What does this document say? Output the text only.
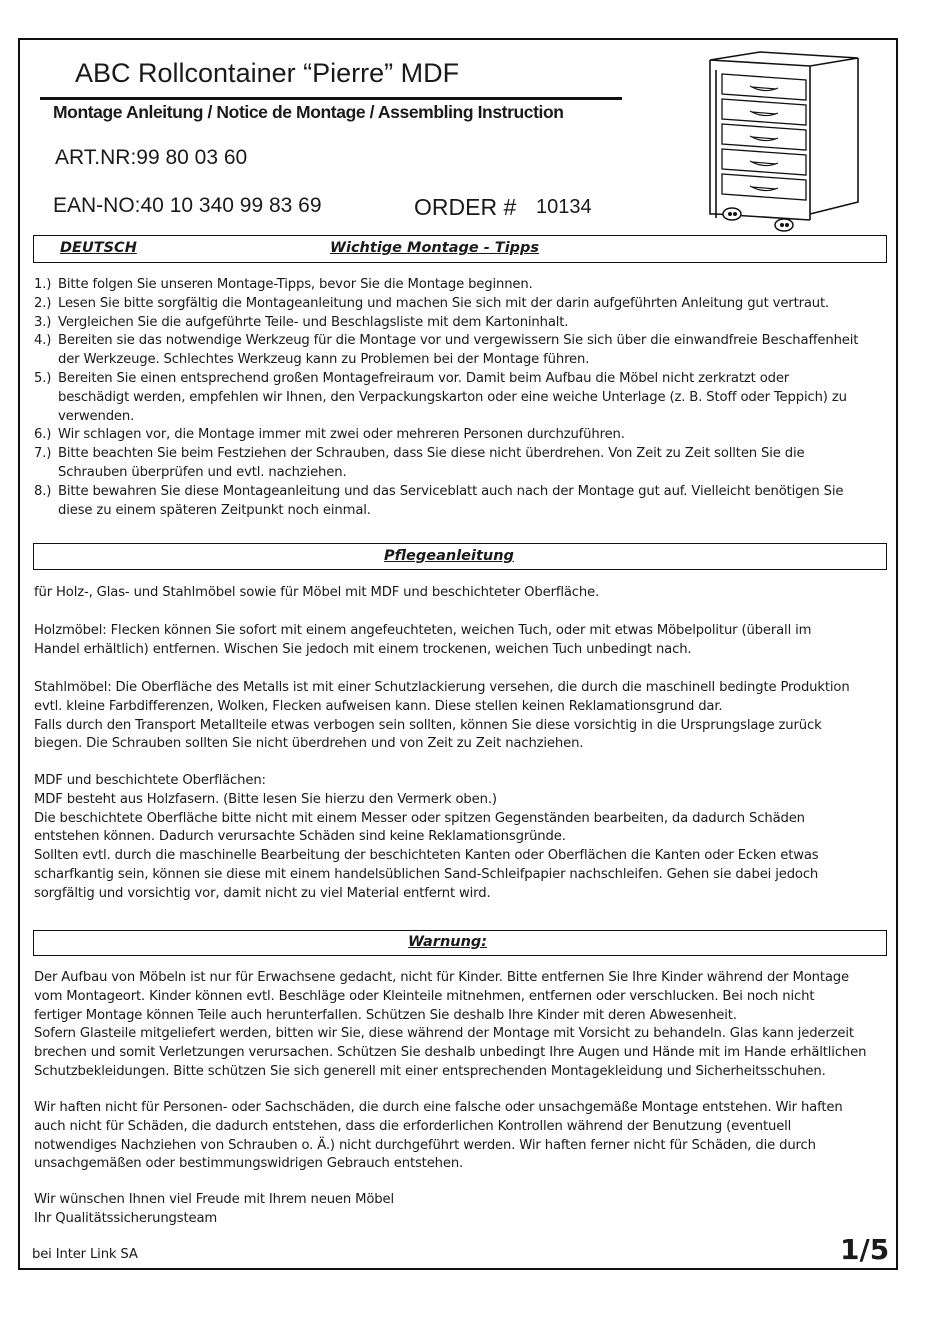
ABC Rollcontainer “Pierre” MDF
Montage Anleitung / Notice de Montage / Assembling Instruction
ART.NR:99 80 03 60
EAN-NO:40 10 340 99 83 69	ORDER # 10134
DEUTSCH	Wichtige Montage - Tipps
1.) Bitte folgen Sie unseren Montage-Tipps, bevor Sie die Montage beginnen.
2.) Lesen Sie bitte sorgfältig die Montageanleitung und machen Sie sich mit der darin aufgeführten Anleitung gut vertraut.
3.) Vergleichen Sie die aufgeführte Teile- und Beschlagsliste mit dem Kartoninhalt.
4.) Bereiten sie das notwendige Werkzeug für die Montage vor und vergewissern Sie sich über die einwandfreie Beschaffenheit
der Werkzeuge. Schlechtes Werkzeug kann zu Problemen bei der Montage führen.
5.) Bereiten Sie einen entsprechend großen Montagefreiraum vor. Damit beim Aufbau die Möbel nicht zerkratzt oder
beschädigt werden, empfehlen wir Ihnen, den Verpackungskarton oder eine weiche Unterlage (z. B. Stoff oder Teppich) zu
verwenden.
6.) Wir schlagen vor, die Montage immer mit zwei oder mehreren Personen durchzuführen.
7.) Bitte beachten Sie beim Festziehen der Schrauben, dass Sie diese nicht überdrehen. Von Zeit zu Zeit sollten Sie die
Schrauben überprüfen und evtl. nachziehen.
8.) Bitte bewahren Sie diese Montageanleitung und das Serviceblatt auch nach der Montage gut auf. Vielleicht benötigen Sie
diese zu einem späteren Zeitpunkt noch einmal.
Pflegeanleitung
für Holz-, Glas- und Stahlmöbel sowie für Möbel mit MDF und beschichteter Oberfläche.
Holzmöbel: Flecken können Sie sofort mit einem angefeuchteten, weichen Tuch, oder mit etwas Möbelpolitur (überall im
Handel erhältlich) entfernen. Wischen Sie jedoch mit einem trockenen, weichen Tuch unbedingt nach.
Stahlmöbel: Die Oberfläche des Metalls ist mit einer Schutzlackierung versehen, die durch die maschinell bedingte Produktion
evtl. kleine Farbdifferenzen, Wolken, Flecken aufweisen kann. Diese stellen keinen Reklamationsgrund dar.
Falls durch den Transport Metallteile etwas verbogen sein sollten, können Sie diese vorsichtig in die Ursprungslage zurück
biegen. Die Schrauben sollten Sie nicht überdrehen und von Zeit zu Zeit nachziehen.
MDF und beschichtete Oberflächen:
MDF besteht aus Holzfasern. (Bitte lesen Sie hierzu den Vermerk oben.)
Die beschichtete Oberfläche bitte nicht mit einem Messer oder spitzen Gegenständen bearbeiten, da dadurch Schäden
entstehen können. Dadurch verursachte Schäden sind keine Reklamationsgründe.
Sollten evtl. durch die maschinelle Bearbeitung der beschichteten Kanten oder Oberflächen die Kanten oder Ecken etwas
scharfkantig sein, können sie diese mit einem handelsüblichen Sand-Schleifpapier nachschleifen. Gehen sie dabei jedoch
sorgfältig und vorsichtig vor, damit nicht zu viel Material entfernt wird.
Warnung:
Der Aufbau von Möbeln ist nur für Erwachsene gedacht, nicht für Kinder. Bitte entfernen Sie Ihre Kinder während der Montage
vom Montageort. Kinder können evtl. Beschläge oder Kleinteile mitnehmen, entfernen oder verschlucken. Bei noch nicht
fertiger Montage können Teile auch herunterfallen. Schützen Sie deshalb Ihre Kinder mit deren Abwesenheit.
Sofern Glasteile mitgeliefert werden, bitten wir Sie, diese während der Montage mit Vorsicht zu behandeln. Glas kann jederzeit
brechen und somit Verletzungen verursachen. Schützen Sie deshalb unbedingt Ihre Augen und Hände mit im Hande erhältlichen
Schutzbekleidungen. Bitte schützen Sie sich generell mit einer entsprechenden Montagekleidung und Sicherheitsschuhen.
Wir haften nicht für Personen- oder Sachschäden, die durch eine falsche oder unsachgemäße Montage entstehen. Wir haften
auch nicht für Schäden, die dadurch entstehen, dass die erforderlichen Kontrollen während der Benutzung (eventuell
notwendiges Nachziehen von Schrauben o. Ä.) nicht durchgeführt werden. Wir haften ferner nicht für Schäden, die durch
unsachgemäßen oder bestimmungswidrigen Gebrauch entstehen.
Wir wünschen Ihnen viel Freude mit Ihrem neuen Möbel
Ihr Qualitätssicherungsteam
bei Inter Link SA	1/5
